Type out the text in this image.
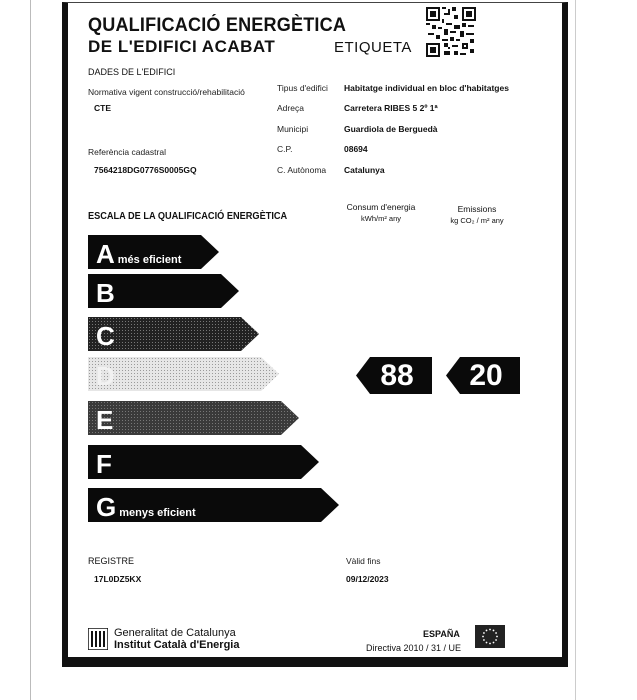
QUALIFICACIÓ ENERGÈTICA
DE L'EDIFICI ACABAT	ETIQUETA
DADES DE L'EDIFICI
Normativa vigent construcció/rehabilitació
CTE
Referència cadastral
7564218DG0776S0005GQ
Tipus d'edifici Habitatge individual en bloc d'habitatges
Adreça	Carretera RIBES 5 2º 1ª
Municipi	Guardiola de Berguedà
C.P.	08694
C. Autònoma Catalunya
ESCALA DE LA QUALIFICACIÓ ENERGÈTICA
Consum d'energia
kWh/m² any
Emissions
kg CO₂ / m² any
Amés eficient
B
C
D
E
F
Gmenys eficient
88	20
REGISTRE
17L0DZ5KX
Vàlid fins
09/12/2023
Generalitat de Catalunya
Institut Català d'Energia
ESPAÑA
Directiva 2010 / 31 / UE
